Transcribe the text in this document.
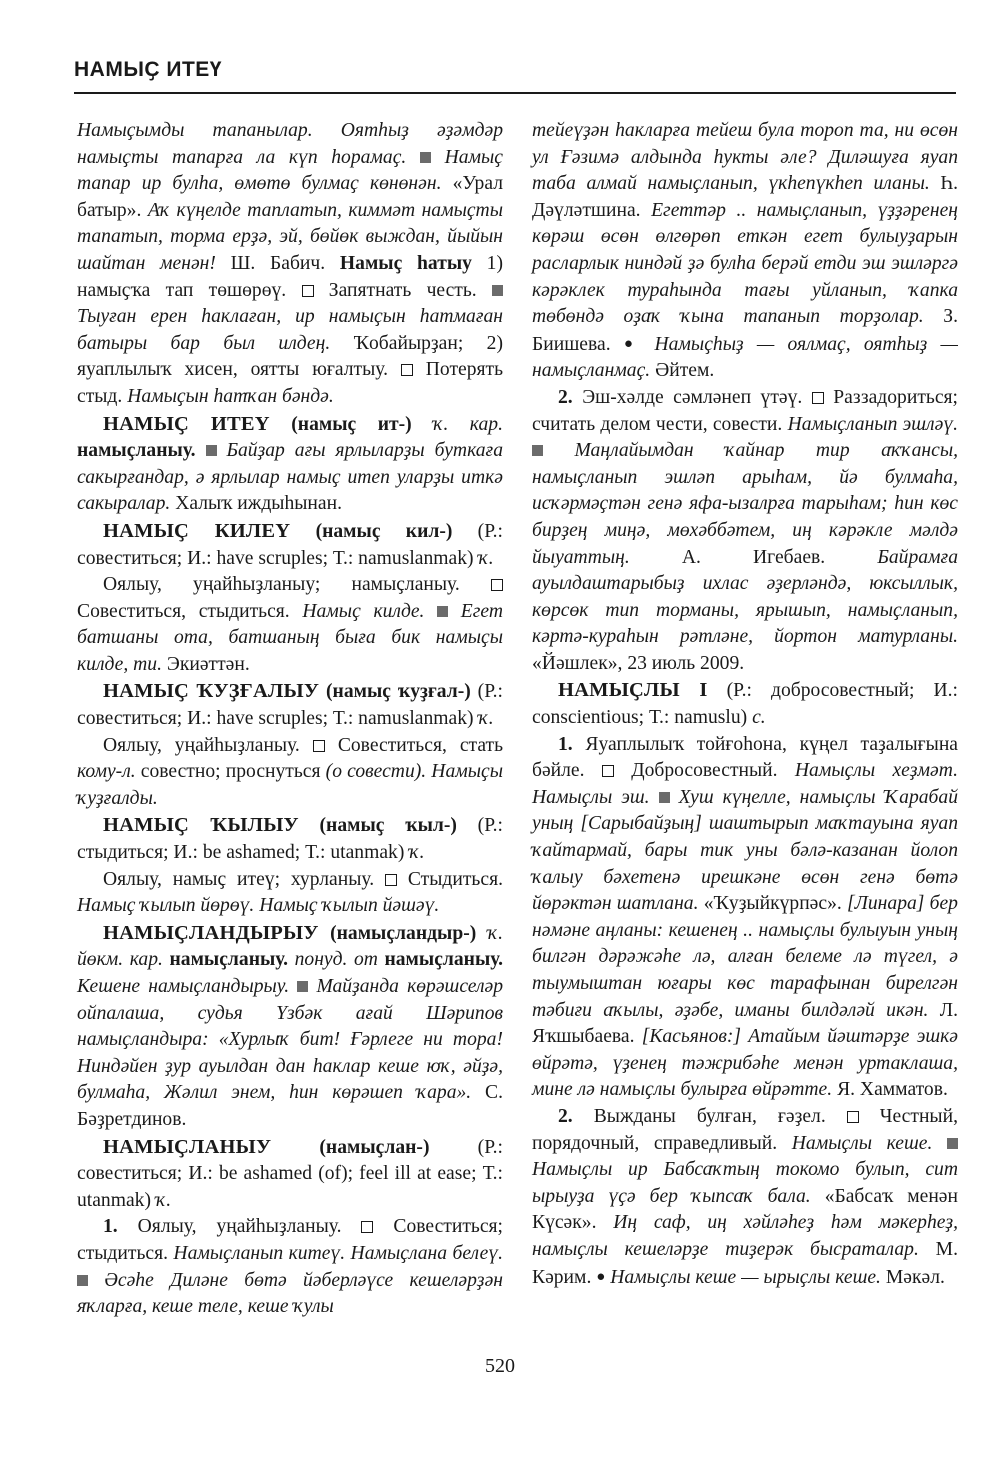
НАМЫҪ ИТЕҮ

Намыҫымды тапанылар. Оятһыҙ әҙәмдәр намыҫты тапарға ла күп һорамаҫ. Намыҫ тапар ир булһа, өмөтө булмаҫ көнөнән. «Урал батыр». Аҡ күңелде таплатып, киммәт намыҫты тапатып, торма ерҙә, эй, бөйөк выждан, йыйын шайтан менән! Ш. Бабич. Намыҫ һатыу 1) намыҫҡа тап төшөрөү. Запятнать честь.  Тыуған ерен һаклаған, ир намыҫын һатмаған батыры бар был илдең. Ҡобайырҙан; 2) яуаплылыҡ хисен, оятты юғалтыу. Потерять стыд. Намыҫын һатҡан бәндә.

НАМЫҪ ИТЕҮ (намыҫ ит-) ҡ. кар. намыҫланыу. Байҙар ағы ярлыларҙы буткаға сакырғандар, ә ярлылар намыҫ итеп уларҙы иткә сакыралар. Халыҡ иждыһынан.

НАМЫҪ КИЛЕҮ (намыҫ кил-) (Р.: совеститься; И.: have scruples; Т.: namuslanmak) ҡ.

Оялыу, уңайһыҙланыу; намыҫланыу.  Совеститься, стыдиться. Намыҫ килдe. Егет батшаны ота, батшаның быға бик намыҫы килде, ти. Экиәттән.

НАМЫҪ ҠУҘҒАЛЫУ (намыҫ ҡуҙғал-) (Р.: совеститься; И.: have scruples; Т.: namuslanmak) ҡ.

Оялыу, уңайһыҙланыу. Совеститься, стать кому-л. совестно; проснуться (о совести). Намыҫы ҡуҙғалды.

НАМЫҪ ҠЫЛЫУ (намыҫ ҡыл-) (Р.: стыдиться; И.: be ashamed; Т.: utanmak) ҡ.

Оялыу, намыҫ итеү; хурланыу. Стыдиться. Намыҫ ҡылып йөрөү. Намыҫ ҡылып йәшәү.

НАМЫҪЛАНДЫРЫУ (намыҫландыр-) ҡ. йөкм. кар. намыҫланыу. понуд. от намыҫланыу. Кешене намыҫландырыу. Майҙанда көрәшселәр ойпалаша, судья Үзбәк ағай Шәрипов намыҫландыра: «Хурлыҡ бит! Ғәрлеге ни тора! Ниндәйен ҙур ауылдан дан һаклар кеше юҡ, әйҙә, булмаһа, Жәлил энем, һин көрәшеп ҡара». С. Бәҙретдинов.

НАМЫҪЛАНЫУ (намыҫлан-) (Р.: совеститься; И.: be ashamed (of); feel ill at ease; Т.: utanmak) ҡ.

1. Оялыу, уңайһыҙланыу.	Совеститься; стыдиться. Намыҫланып китеү. Намыҫлана белеү.  Әсәһе Диләне бөтә йәберләүсе кешеләрҙән яҡларға, кеше теле, кеше ҡулы

тейеүҙән һакларға тейеш була тороп та, ни өсөн ул Ғәзимә алдында һукты әле? Диләшуға яуап таба алмай намыҫланып, үкһепүкһеп иланы. Һ. Дәүләтшина. Егеттәр .. намыҫланып, үҙҙәренең көрәш өсөн өлгөрөп еткән егет булыуҙарын расларлык ниндәй ҙә булһа берәй етди эш эшләргә кәрәклек тураһында тағы уйланып, ҡапка төбөндә оҙаҡ ҡына тапанып торҙолар. З. Биишева. ● Намыҫһыҙ — оялмаҫ, оятһыҙ — намыҫланмаҫ. Әйтем.

2. Эш-хәлде сәмләнеп үтәү. Раззадориться; считать делом чести, совести. Намыҫланып эшләү.  Маңлайымдан ҡайнар тир аҡҡансы, намыҫланып эшләп арыһам, йә булмаһа, исҡәрмәҫтән генә яфа-ызалрға тарыһам; һин көс бирҙең миңә, мөхәббәтем, иң кәрәкле мәлдә йыуаттың.	А. Игебаев.	Байрамға ауылдаштарыбыҙ ихлас әҙерләндә, юксыллык, көрсөк тип торманы, ярышып, намыҫланып, кәртә-кураһын рәтләне, йортон матурланы. «Йәшлек», 23 июль 2009.

НАМЫҪЛЫ I (Р.: добросовестный; И.: conscientious; Т.: namuslu) с.

1. Яуаплылыҡ тойғоһона, күңел таҙалығына бәйле. Добросовестный. Намыҫлы хеҙмәт. Намыҫлы эш. Хуш күңелле, намыҫлы Ҡарабай уның [Сарыбайҙың] шаштырып маҡтауына яуап ҡайтармай, бары тик уны бәлә-казанан йолоп ҡалыу бәхетенә ирешкәне өсөн генә бөтә йөрәктән шатлана. «Ҡуҙыйкүрпәс». [Линара] бер нәмәне аңланы: кешенең .. намыҫлы булыуын уның билгән дәрәжәһе лә, алған белеме лә түгел, ә тыумыштан юғары көс тарафынан бирелгән тәбиғи аҡылы, әҙәбе, иманы билдәләй икән. Л. Яҡшыбаева. [Касьянов:] Атайым йәштәрҙе эшкә өйрәтә, үҙенең тәжрибәһе менән уртаклаша, мине лә намыҫлы булырға өйрәтте. Я. Хамматов.

2. Выжданы булған, ғәҙел.	Честный, порядочный, справедливый. Намыҫлы кеше.  Намыҫлы ир Бабсаҡтың токомо булып, сит ырыуҙа үҫә бер ҡыпсаҡ бала. «Бабсаҡ менән Күсәк». Иң саф, иң хәйләһеҙ һәм мәкерһеҙ, намыҫлы кешеләрҙе тиҙерәк бысраталар. М. Кәрим. ● Намыҫлы кеше — ырыҫлы кеше. Мәкәл.

520
